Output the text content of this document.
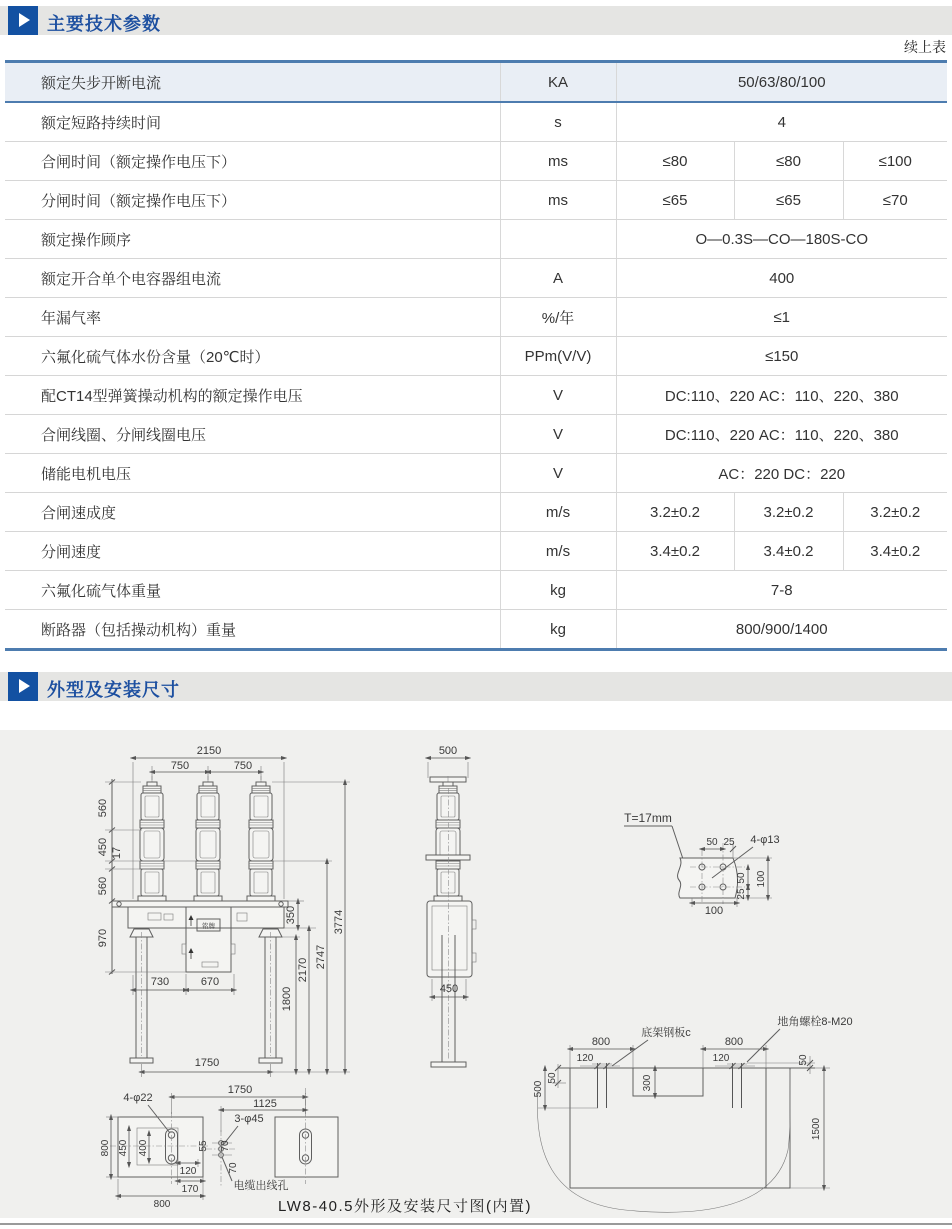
主要技术参数
续上表
额定失步开断电流	KA	50/63/80/100		
额定短路持续时间	s	4		
合闸时间（额定操作电压下）	ms	≤80	≤80	≤100
分闸时间（额定操作电压下）	ms	≤65	≤65	≤70
额定操作顾序		O—0.3S—CO—180S-CO		
额定开合单个电容器组电流	A	400		
年漏气率	%/年	≤1		
六氟化硫气体水份含量（20℃时）	PPm(V/V)	≤150		
配CT14型弹簧操动机构的额定操作电压	V	DC:110、220 AC：110、220、380		
合闸线圈、分闸线圈电压	V	DC:110、220 AC：110、220、380		
储能电机电压	V	AC：220 DC：220		
合闸速成度	m/s	3.2±0.2	3.2±0.2	3.2±0.2
分闸速度	m/s	3.4±0.2	3.4±0.2	3.4±0.2
六氟化硫气体重量	kg	7-8		
断路器（包括操动机构）重量	kg	800/900/1400		
外型及安装尺寸
铭牌
2150
750	750
560
450 17
560
970
350
1800
2170
2747
3774
730	670
1750
500
450
T=17mm
50 25 4-φ13
50
25
100
100
4-φ22
1750
1125
3-φ45
800 450 400	55 70
70
120
170
800
电缆出线孔
800
120
底架钢板c
800
120
地角螺栓8-M20
500
50	300
50
1500
LW8-40.5外形及安装尺寸图(内置)
